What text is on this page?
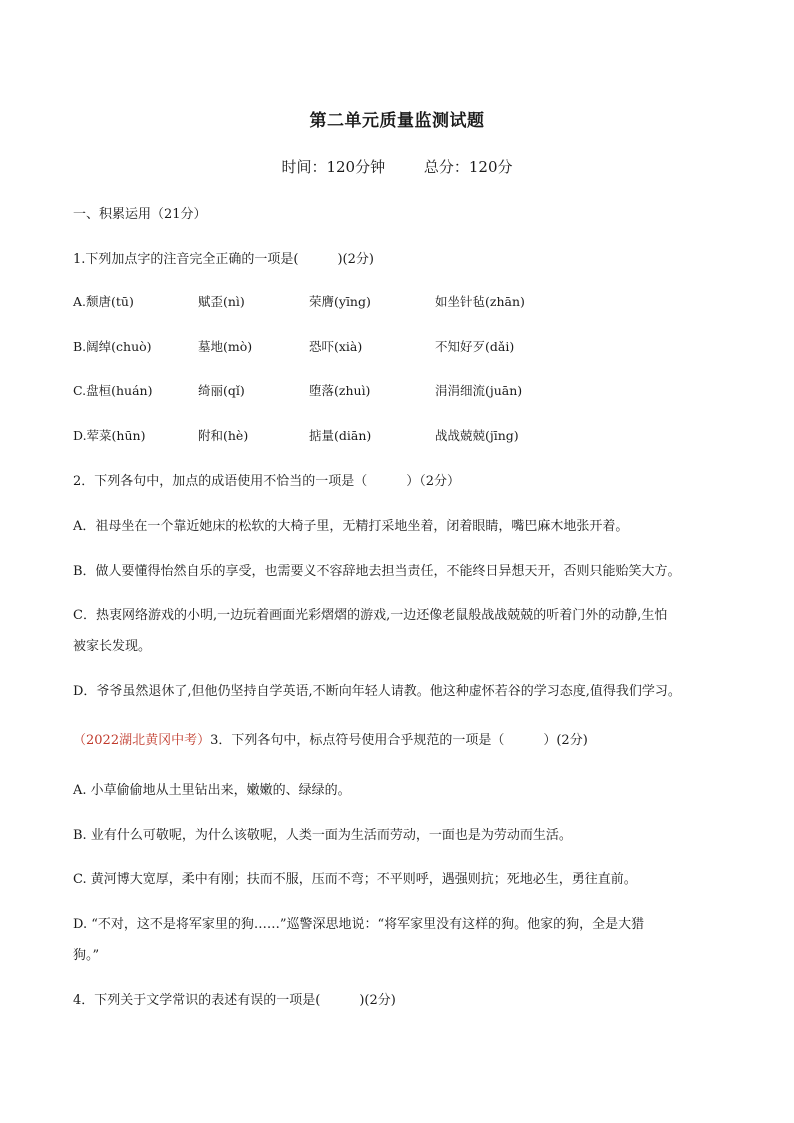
第二单元质量监测试题
时间：120分钟	总分：120分
一、积累运用（21分）
1.下列加点字的注音完全正确的一项是(　　　)(2分)
A.颓唐(tū)	赋歪(nì)	荣膺(yīng)	如坐针毡(zhān)
B.阔绰(chuò)	墓地(mò)	恐吓(xià)	不知好歹(dǎi)
C.盘桓(huán)	绮丽(qǐ)	堕落(zhuì)	涓涓细流(juān)
D.荤菜(hūn)	附和(hè)	掂量(diān)	战战兢兢(jīng)
2．下列各句中，加点的成语使用不恰当的一项是（　　　）（2分）
A．祖母坐在一个靠近她床的松软的大椅子里，无精打采地坐着，闭着眼睛，嘴巴麻木地张开着。
B．做人要懂得怡然自乐的享受，也需要义不容辞地去担当责任，不能终日异想天开，否则只能贻笑大方。
C．热衷网络游戏的小明,一边玩着画面光彩熠熠的游戏,一边还像老鼠般战战兢兢的听着门外的动静,生怕
被家长发现。
D．爷爷虽然退休了,但他仍坚持自学英语,不断向年轻人请教。他这种虚怀若谷的学习态度,值得我们学习。
（2022湖北黄冈中考）3．下列各句中，标点符号使用合乎规范的一项是（　　　）(2分)
A. 小草偷偷地从土里钻出来，嫩嫩的、绿绿的。
B. 业有什么可敬呢，为什么该敬呢，人类一面为生活而劳动，一面也是为劳动而生活。
C. 黄河博大宽厚，柔中有刚；扶而不服，压而不弯；不平则呼，遇强则抗；死地必生，勇往直前。
D. “不对，这不是将军家里的狗……”巡警深思地说：“将军家里没有这样的狗。他家的狗，全是大猎
狗。”
4．下列关于文学常识的表述有误的一项是(　　　)(2分)
